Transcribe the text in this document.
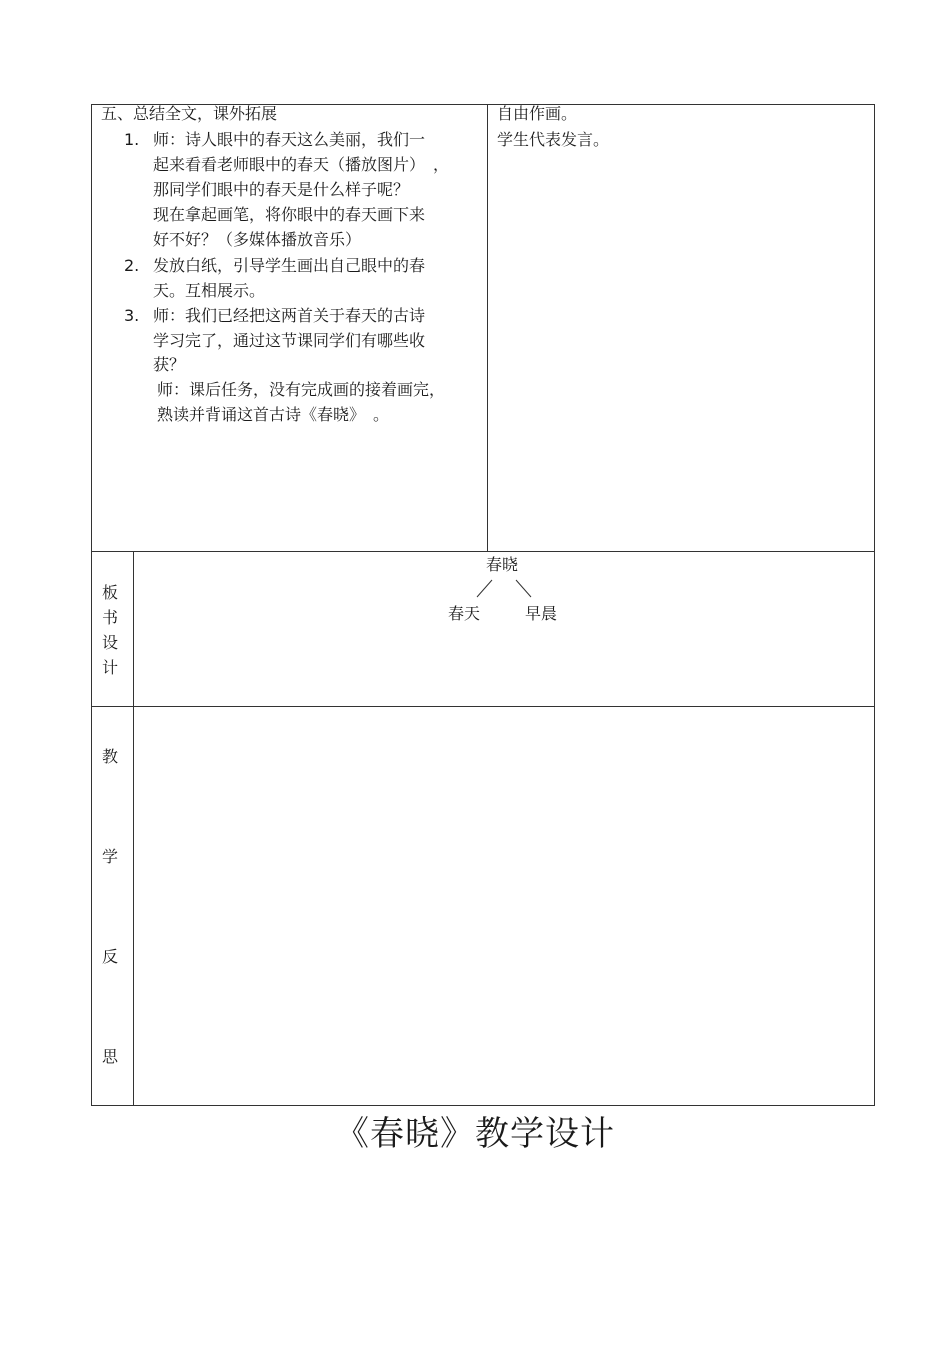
五、总结全文，课外拓展
1. 师：诗人眼中的春天这么美丽，我们一
起来看看老师眼中的春天（播放图片）　，
那同学们眼中的春天是什么样子呢？
现在拿起画笔，将你眼中的春天画下来
好不好？（多媒体播放音乐）
2. 发放白纸，引导学生画出自己眼中的春
天。互相展示。
3. 师：我们已经把这两首关于春天的古诗
学习完了，通过这节课同学们有哪些收
获？
师：课后任务，没有完成画的接着画完，
熟读并背诵这首古诗《春晓》　。
自由作画。
学生代表发言。
板
书
设
计
春晓
春天	早晨
教
学
反
思
《春晓》教学设计
